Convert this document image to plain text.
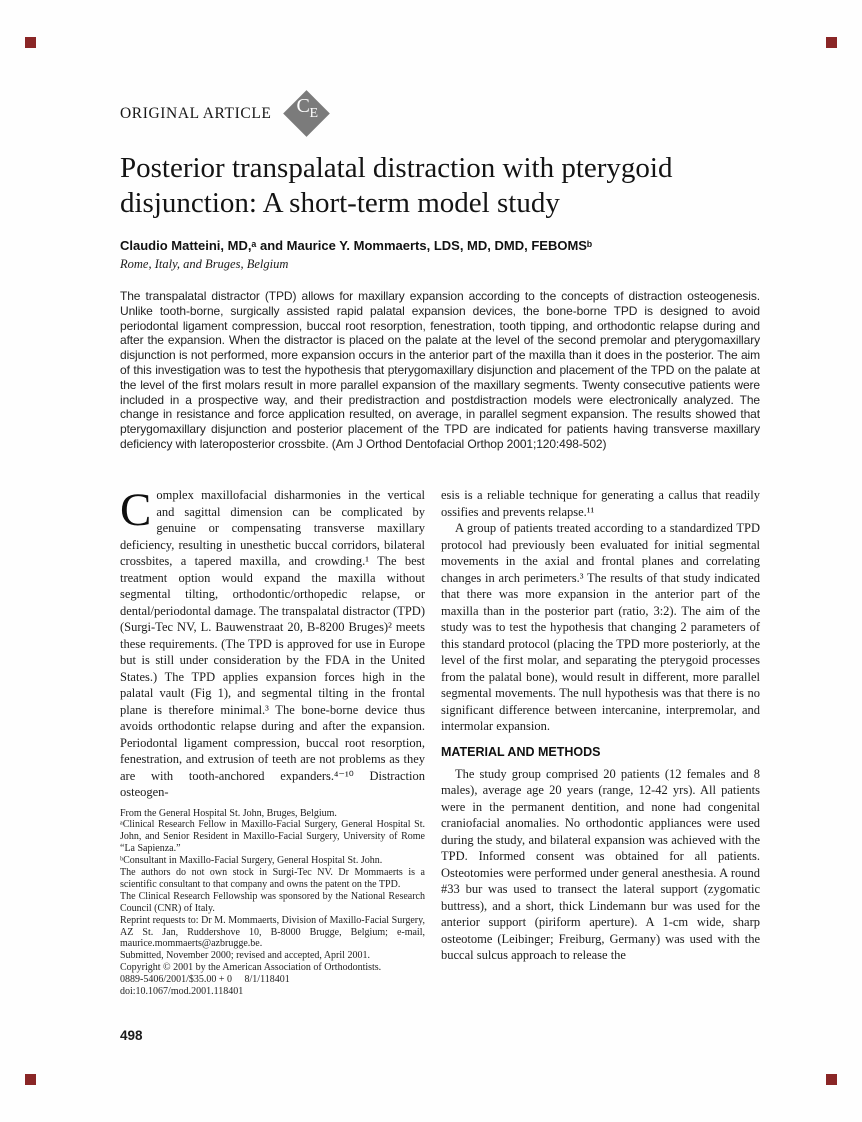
ORIGINAL ARTICLE C E
Posterior transpalatal distraction with pterygoid
disjunction: A short-term model study
Claudio Matteini, MD,ᵃ and Maurice Y. Mommaerts, LDS, MD, DMD, FEBOMSᵇ
Rome, Italy, and Bruges, Belgium
The transpalatal distractor (TPD) allows for maxillary expansion according to the concepts of distraction osteogenesis. Unlike tooth-borne, surgically assisted rapid palatal expansion devices, the bone-borne TPD is designed to avoid periodontal ligament compression, buccal root resorption, fenestration, tooth tipping, and orthodontic relapse during and after the expansion. When the distractor is placed on the palate at the level of the second premolar and pterygomaxillary disjunction is not performed, more expansion occurs in the anterior part of the maxilla than it does in the posterior. The aim of this investigation was to test the hypothesis that pterygomaxillary disjunction and placement of the TPD on the palate at the level of the first molars result in more parallel expansion of the maxillary segments. Twenty consecutive patients were included in a prospective way, and their predistraction and postdistraction models were electronically analyzed. The change in resistance and force application resulted, on average, in parallel segment expansion. The results showed that pterygomaxillary disjunction and posterior placement of the TPD are indicated for patients having transverse maxillary deficiency with lateroposterior crossbite. (Am J Orthod Dentofacial Orthop 2001;120:498-502)

Complex maxillofacial disharmonies in the vertical and sagittal dimension can be complicated by genuine or compensating transverse maxillary deficiency, resulting in unesthetic buccal corridors, bilateral crossbites, a tapered maxilla, and crowding.¹ The best treatment option would expand the maxilla without segmental tilting, orthodontic/orthopedic relapse, or dental/periodontal damage. The transpalatal distractor (TPD) (Surgi-Tec NV, L. Bauwenstraat 20, B-8200 Bruges)² meets these requirements. (The TPD is approved for use in Europe but is still under consideration by the FDA in the United States.) The TPD applies expansion forces high in the palatal vault (Fig 1), and segmental tilting in the frontal plane is therefore minimal.³ The bone-borne device thus avoids orthodontic relapse during and after the expansion. Periodontal ligament compression, buccal root resorption, fenestration, and extrusion of teeth are not problems as they are with tooth-anchored expanders.⁴⁻¹⁰ Distraction osteogen-

From the General Hospital St. John, Bruges, Belgium.
ᵃClinical Research Fellow in Maxillo-Facial Surgery, General Hospital St. John, and Senior Resident in Maxillo-Facial Surgery, University of Rome “La Sapienza.”
ᵇConsultant in Maxillo-Facial Surgery, General Hospital St. John.
The authors do not own stock in Surgi-Tec NV. Dr Mommaerts is a scientific consultant to that company and owns the patent on the TPD.
The Clinical Research Fellowship was sponsored by the National Research Council (CNR) of Italy.
Reprint requests to: Dr M. Mommaerts, Division of Maxillo-Facial Surgery, AZ St. Jan, Ruddershove 10, B-8000 Brugge, Belgium; e-mail, maurice.mommaerts@azbrugge.be.
Submitted, November 2000; revised and accepted, April 2001.
Copyright © 2001 by the American Association of Orthodontists.
0889-5406/2001/$35.00 + 0  8/1/118401
doi:10.1067/mod.2001.118401

esis is a reliable technique for generating a callus that readily ossifies and prevents relapse.¹¹

A group of patients treated according to a standardized TPD protocol had previously been evaluated for initial segmental movements in the axial and frontal planes and correlating changes in arch perimeters.³ The results of that study indicated that there was more expansion in the anterior part of the maxilla than in the posterior part (ratio, 3:2). The aim of the study was to test the hypothesis that changing 2 parameters of this standard protocol (placing the TPD more posteriorly, at the level of the first molar, and separating the pterygoid processes from the palatal bone), would result in different, more parallel segmental movements. The null hypothesis was that there is no significant difference between intercanine, interpremolar, and intermolar expansion.

MATERIAL AND METHODS

The study group comprised 20 patients (12 females and 8 males), average age 20 years (range, 12-42 yrs). All patients were in the permanent dentition, and none had congenital craniofacial anomalies. No orthodontic appliances were used during the study, and bilateral expansion was achieved with the TPD. Informed consent was obtained for all patients. Osteotomies were performed under general anesthesia. A round #33 bur was used to transect the lateral support (zygomatic buttress), and a short, thick Lindemann bur was used for the anterior support (piriform aperture). A 1-cm wide, sharp osteotome (Leibinger; Freiburg, Germany) was used with the buccal sulcus approach to release the

498
